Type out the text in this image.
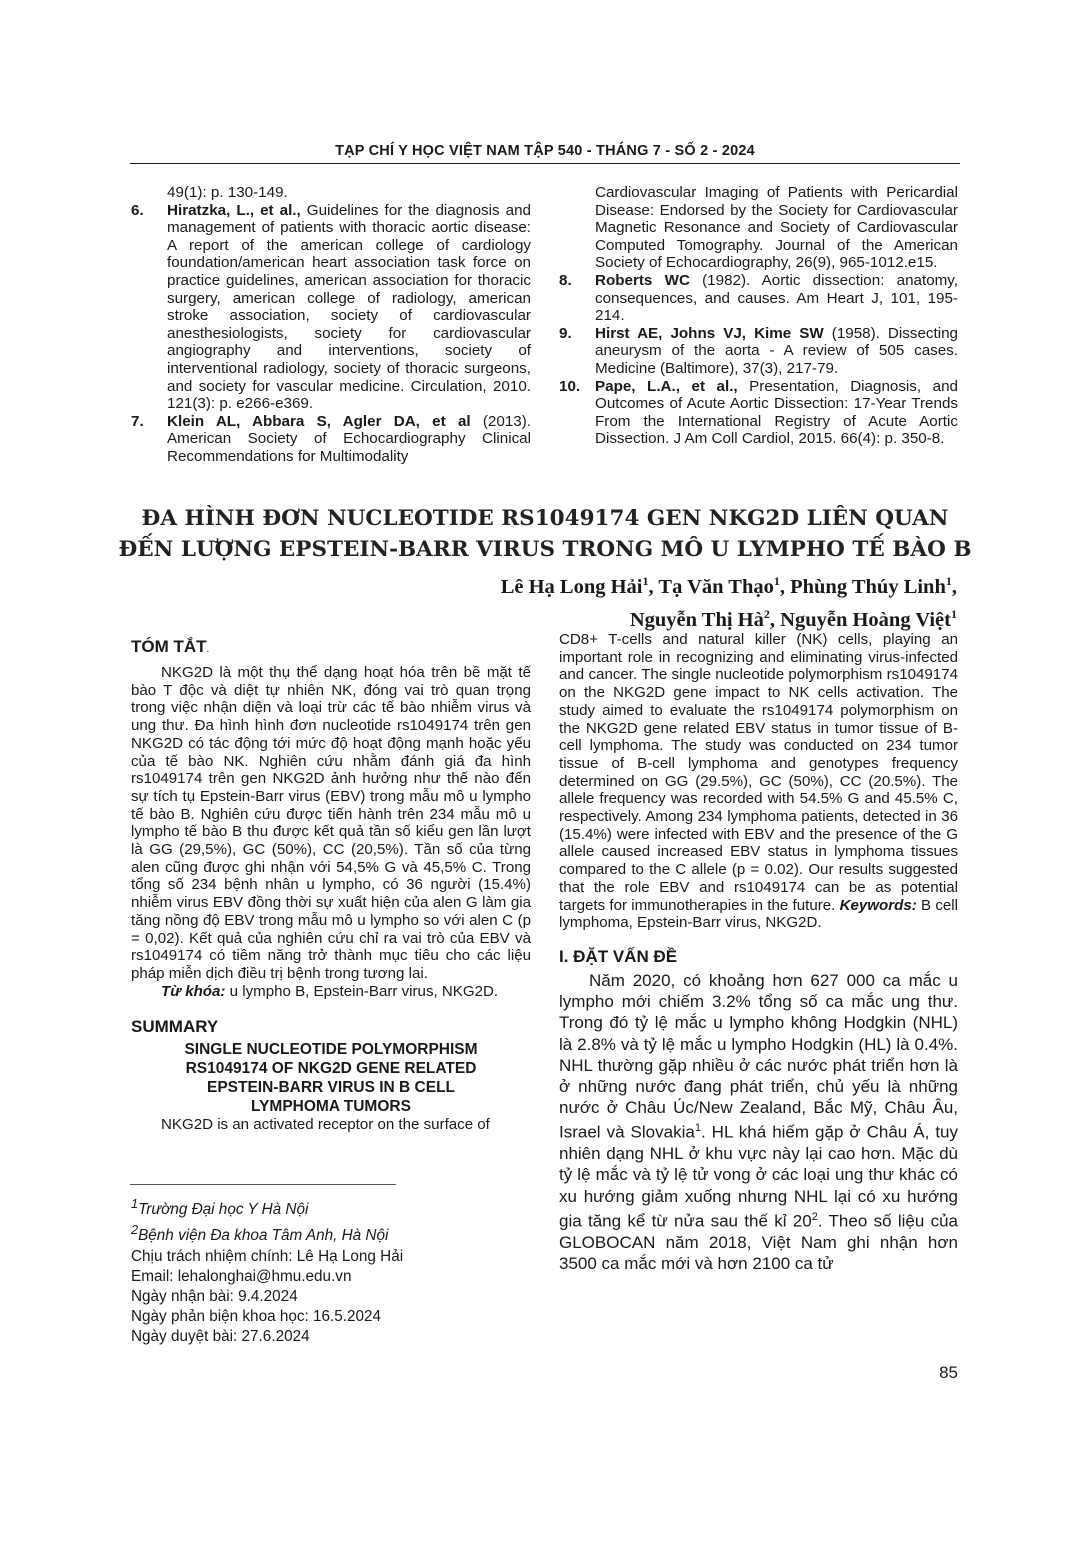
TẠP CHÍ Y HỌC VIỆT NAM TẬP 540 - THÁNG 7 - SỐ 2 - 2024
49(1): p. 130-149.
6. Hiratzka, L., et al., Guidelines for the diagnosis and management of patients with thoracic aortic disease: A report of the american college of cardiology foundation/american heart association task force on practice guidelines, american association for thoracic surgery, american college of radiology, american stroke association, society of cardiovascular anesthesiologists, society for cardiovascular angiography and interventions, society of interventional radiology, society of thoracic surgeons, and society for vascular medicine. Circulation, 2010. 121(3): p. e266-e369.
7. Klein AL, Abbara S, Agler DA, et al (2013). American Society of Echocardiography Clinical Recommendations for Multimodality
Cardiovascular Imaging of Patients with Pericardial Disease: Endorsed by the Society for Cardiovascular Magnetic Resonance and Society of Cardiovascular Computed Tomography. Journal of the American Society of Echocardiography, 26(9), 965-1012.e15.
8. Roberts WC (1982). Aortic dissection: anatomy, consequences, and causes. Am Heart J, 101, 195-214.
9. Hirst AE, Johns VJ, Kime SW (1958). Dissecting aneurysm of the aorta - A review of 505 cases. Medicine (Baltimore), 37(3), 217-79.
10. Pape, L.A., et al., Presentation, Diagnosis, and Outcomes of Acute Aortic Dissection: 17-Year Trends From the International Registry of Acute Aortic Dissection. J Am Coll Cardiol, 2015. 66(4): p. 350-8.
ĐA HÌNH ĐƠN NUCLEOTIDE RS1049174 GEN NKG2D LIÊN QUAN
ĐẾN LƯỢNG EPSTEIN-BARR VIRUS TRONG MÔ U LYMPHO TẾ BÀO B
Lê Hạ Long Hải$^1$, Tạ Văn Thạo$^1$, Phùng Thúy Linh$^1$,
Nguyễn Thị $Hà^2$, Nguyễn Hoàng Việt$^1$
TÓM TẮT.

NKG2D là một thụ thể dạng hoạt hóa trên bề mặt tế bào T độc và diệt tự nhiên NK, đóng vai trò quan trọng trong việc nhận diện và loại trừ các tế bào nhiễm virus và ung thư. Đa hình hình đơn nucleotide rs1049174 trên gen NKG2D có tác động tới mức độ hoạt động mạnh hoặc yếu của tế bào NK. Nghiên cứu nhằm đánh giá đa hình rs1049174 trên gen NKG2D ảnh hưởng như thế nào đến sự tích tụ Epstein-Barr virus (EBV) trong mẫu mô u lympho tế bào B. Nghiên cứu được tiến hành trên 234 mẫu mô u lympho tế bào B thu được kết quả tần số kiểu gen lần lượt là GG (29,5%), GC (50%), CC (20,5%). Tần số của từng alen cũng được ghi nhận với 54,5% G và 45,5% C. Trong tổng số 234 bệnh nhân u lympho, có 36 người (15.4%) nhiễm virus EBV đồng thời sự xuất hiện của alen G làm gia tăng nồng độ EBV trong mẫu mô u lympho so với alen C (p = 0,02). Kết quả của nghiên cứu chỉ ra vai trò của EBV và rs1049174 có tiềm năng trở thành mục tiêu cho các liệu pháp miễn dịch điều trị bệnh trong tương lai.

Từ khóa: u lympho B, Epstein-Barr virus, NKG2D.

SUMMARY
SINGLE NUCLEOTIDE POLYMORPHISM
RS1049174 OF NKG2D GENE RELATED
EPSTEIN-BARR VIRUS IN B CELL
LYMPHOMA TUMORS

NKG2D is an activated receptor on the surface of

CD8+ T-cells and natural killer (NK) cells, playing an important role in recognizing and eliminating virus-infected and cancer. The single nucleotide polymorphism rs1049174 on the NKG2D gene impact to NK cells activation. The study aimed to evaluate the rs1049174 polymorphism on the NKG2D gene related EBV status in tumor tissue of B-cell lymphoma. The study was conducted on 234 tumor tissue of B-cell lymphoma and genotypes frequency determined on GG (29.5%), GC (50%), CC (20.5%). The allele frequency was recorded with 54.5% G and 45.5% C, respectively. Among 234 lymphoma patients, detected in 36 (15.4%) were infected with EBV and the presence of the G allele caused increased EBV status in lymphoma tissues compared to the C allele (p = 0.02). Our results suggested that the role EBV and rs1049174 can be as potential targets for immunotherapies in the future. Keywords: B cell lymphoma, Epstein-Barr virus, NKG2D.

I. ĐẶT VẤN ĐỀ

Năm 2020, có khoảng hơn 627 000 ca mắc u lympho mới chiếm 3.2% tổng số ca mắc ung thư. Trong đó tỷ lệ mắc u lympho không Hodgkin (NHL) là 2.8% và tỷ lệ mắc u lympho Hodgkin (HL) là 0.4%. NHL thường gặp nhiều ở các nước phát triển hơn là ở những nước đang phát triển, chủ yếu là những nước ở Châu Úc/New Zealand, Bắc Mỹ, Châu Âu, Israel và Slovakia$^1$. HL khá hiếm gặp ở Châu Á, tuy nhiên dạng NHL ở khu vực này lại cao hơn. Mặc dù tỷ lệ mắc và tỷ lệ tử vong ở các loại ung thư khác có xu hướng giảm xuống nhưng NHL lại có xu hướng gia tăng kể từ nửa sau thế kỉ $20^2$. Theo số liệu của GLOBOCAN năm 2018, Việt Nam ghi nhận hơn 3500 ca mắc mới và hơn 2100 ca tử

$^1$Trường Đại học Y Hà Nội
$^2$Bệnh viện Đa khoa Tâm Anh, Hà Nội
Chịu trách nhiệm chính: Lê Hạ Long Hải
Email: lehalonghai@hmu.edu.vn
Ngày nhận bài: 9.4.2024
Ngày phản biện khoa học: 16.5.2024
Ngày duyệt bài: 27.6.2024
85
